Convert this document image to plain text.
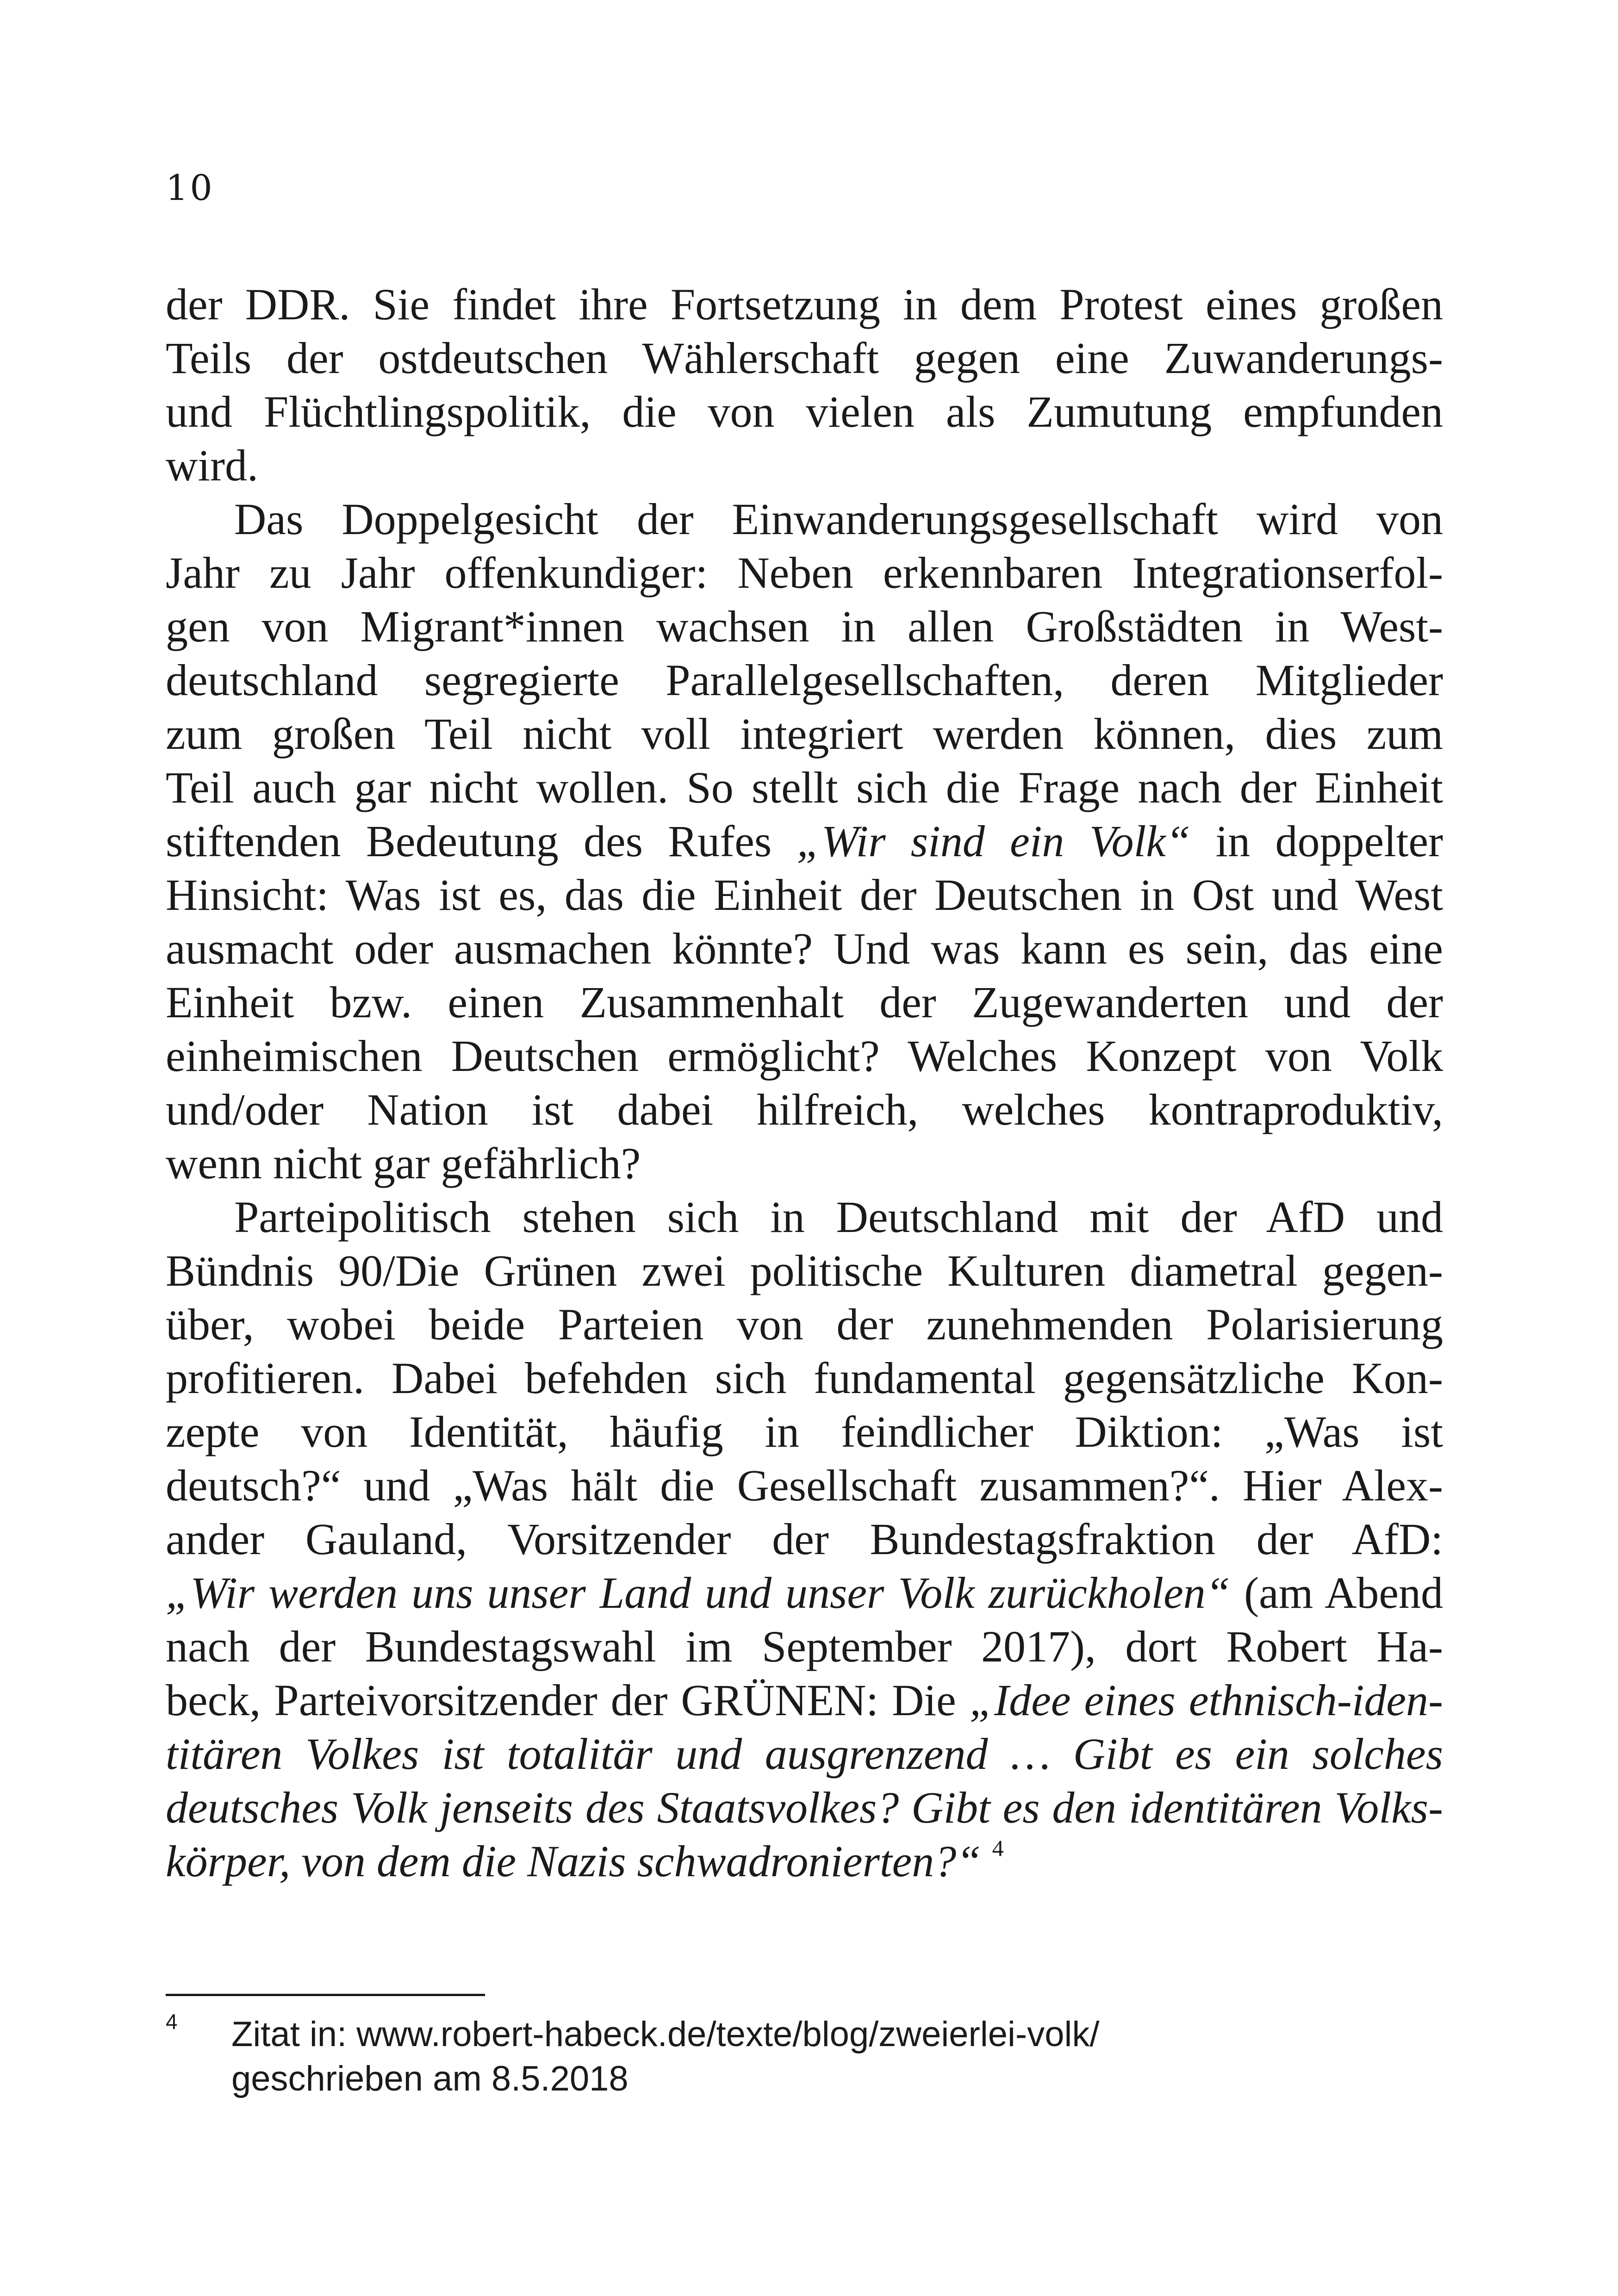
10
der DDR. Sie findet ihre Fortsetzung in dem Protest eines großen
Teils der ostdeutschen Wählerschaft gegen eine Zuwanderungs-
und Flüchtlingspolitik, die von vielen als Zumutung empfunden
wird.
Das Doppelgesicht der Einwanderungsgesellschaft wird von
Jahr zu Jahr offenkundiger: Neben erkennbaren Integrationserfol-
gen von Migrant*innen wachsen in allen Großstädten in West-
deutschland segregierte Parallelgesellschaften, deren Mitglieder
zum großen Teil nicht voll integriert werden können, dies zum
Teil auch gar nicht wollen. So stellt sich die Frage nach der Einheit
stiftenden Bedeutung des Rufes „Wir sind ein Volk“ in doppelter
Hinsicht: Was ist es, das die Einheit der Deutschen in Ost und West
ausmacht oder ausmachen könnte? Und was kann es sein, das eine
Einheit bzw. einen Zusammenhalt der Zugewanderten und der
einheimischen Deutschen ermöglicht? Welches Konzept von Volk
und/oder Nation ist dabei hilfreich, welches kontraproduktiv,
wenn nicht gar gefährlich?
Parteipolitisch stehen sich in Deutschland mit der AfD und
Bündnis 90/Die Grünen zwei politische Kulturen diametral gegen-
über, wobei beide Parteien von der zunehmenden Polarisierung
profitieren. Dabei befehden sich fundamental gegensätzliche Kon-
zepte von Identität, häufig in feindlicher Diktion: „Was ist
deutsch?“ und „Was hält die Gesellschaft zusammen?“. Hier Alex-
ander Gauland, Vorsitzender der Bundestagsfraktion der AfD:
„Wir werden uns unser Land und unser Volk zurückholen“ (am Abend
nach der Bundestagswahl im September 2017), dort Robert Ha-
beck, Parteivorsitzender der GRÜNEN: Die „Idee eines ethnisch-iden-
titären Volkes ist totalitär und ausgrenzend … Gibt es ein solches
deutsches Volk jenseits des Staatsvolkes? Gibt es den identitären Volks-
körper, von dem die Nazis schwadronierten?“ $^4$
4 Zitat in: www.robert-habeck.de/texte/blog/zweierlei-volk/
geschrieben am 8.5.2018
